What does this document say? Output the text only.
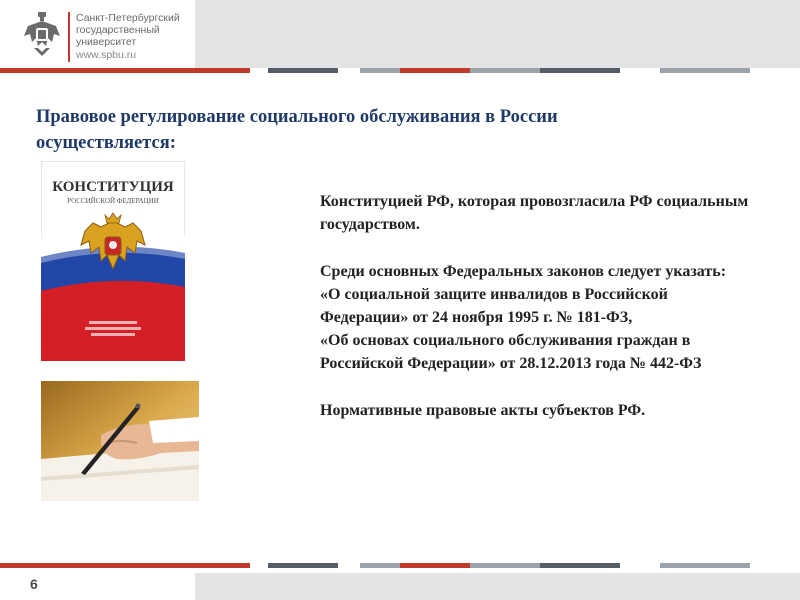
Санкт-Петербургский
государственный
университет
www.spbu.ru
Правовое регулирование социального обслуживания в России осуществляется:
КОНСТИТУЦИЯ
РОССИЙСКОЙ ФЕДЕРАЦИИ	Конституцией РФ, которая провозгласила РФ социальным государством.

Среди основных Федеральных законов следует указать:

«О социальной защите инвалидов в Российской Федерации» от 24 ноября 1995 г. № 181-ФЗ,

«Об основах социального обслуживания граждан в Российской Федерации» от 28.12.2013 года № 442-ФЗ

Нормативные правовые акты субъектов РФ.

6
